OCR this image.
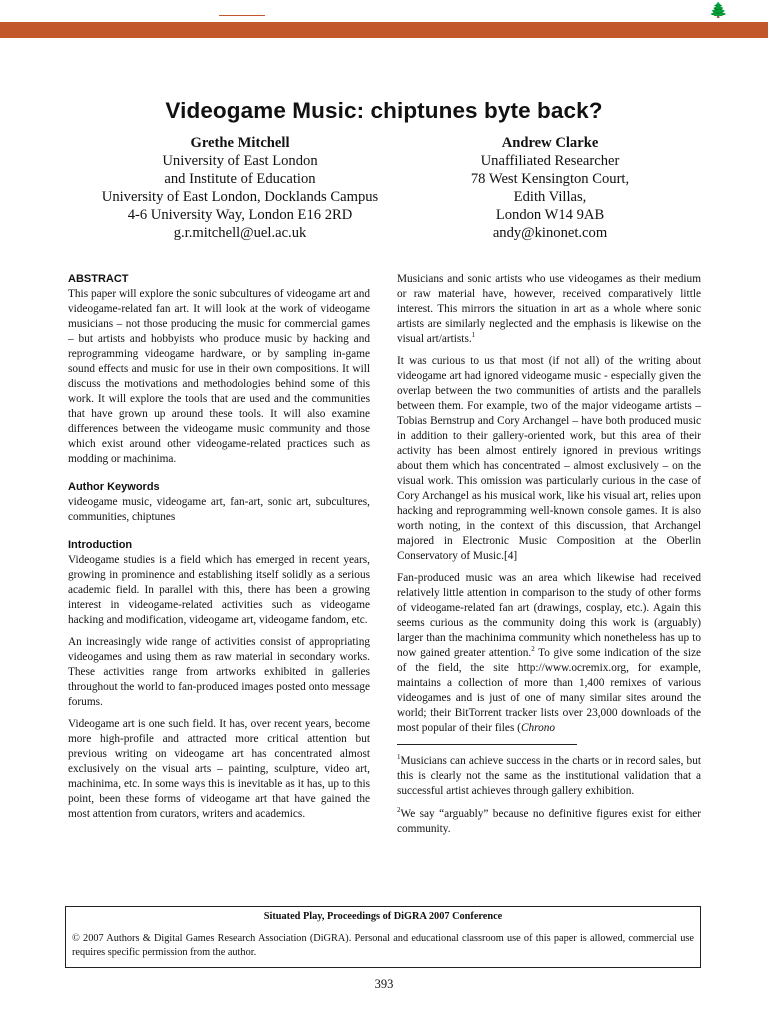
🌲
Videogame Music: chiptunes byte back?
Grethe Mitchell
University of East London
and Institute of Education
University of East London, Docklands Campus
4-6 University Way, London E16 2RD
g.r.mitchell@uel.ac.uk
Andrew Clarke
Unaffiliated Researcher
78 West Kensington Court,
Edith Villas,
London W14 9AB
andy@kinonet.com
ABSTRACT

This paper will explore the sonic subcultures of videogame art and videogame-related fan art. It will look at the work of videogame musicians – not those producing the music for commercial games – but artists and hobbyists who produce music by hacking and reprogramming videogame hardware, or by sampling in-game sound effects and music for use in their own compositions. It will discuss the motivations and methodologies behind some of this work. It will explore the tools that are used and the communities that have grown up around these tools. It will also examine differences between the videogame music community and those which exist around other videogame-related practices such as modding or machinima.

Author Keywords

videogame music, videogame art, fan-art, sonic art, subcultures, communities, chiptunes

Introduction

Videogame studies is a field which has emerged in recent years, growing in prominence and establishing itself solidly as a serious academic field. In parallel with this, there has been a growing interest in videogame-related activities such as videogame hacking and modification, videogame art, videogame fandom, etc.

An increasingly wide range of activities consist of appropriating videogames and using them as raw material in secondary works. These activities range from artworks exhibited in galleries throughout the world to fan-produced images posted onto message forums.

Videogame art is one such field. It has, over recent years, become more high-profile and attracted more critical attention but previous writing on videogame art has concentrated almost exclusively on the visual arts – painting, sculpture, video art, machinima, etc. In some ways this is inevitable as it has, up to this point, been these forms of videogame art that have gained the most attention from curators, writers and academics.

Musicians and sonic artists who use videogames as their medium or raw material have, however, received comparatively little interest. This mirrors the situation in art as a whole where sonic artists are similarly neglected and the emphasis is likewise on the visual art/artists.$^1$

It was curious to us that most (if not all) of the writing about videogame art had ignored videogame music - especially given the overlap between the two communities of artists and the parallels between them. For example, two of the major videogame artists – Tobias Bernstrup and Cory Archangel – have both produced music in addition to their gallery-oriented work, but this area of their activity has been almost entirely ignored in previous writings about them which has concentrated – almost exclusively – on the visual work. This omission was particularly curious in the case of Cory Archangel as his musical work, like his visual art, relies upon hacking and reprogramming well-known console games. It is also worth noting, in the context of this discussion, that Archangel majored in Electronic Music Composition at the Oberlin Conservatory of Music.[4]

Fan-produced music was an area which likewise had received relatively little attention in comparison to the study of other forms of videogame-related fan art (drawings, cosplay, etc.). Again this seems curious as the community doing this work is (arguably) larger than the machinima community which nonetheless has up to now gained greater attention.$^2$ To give some indication of the size of the field, the site http://www.ocremix.org, for example, maintains a collection of more than 1,400 remixes of various videogames and is just of one of many similar sites around the world; their BitTorrent tracker lists over 23,000 downloads of the most popular of their files (Chrono

$^1$Musicians can achieve success in the charts or in record sales, but this is clearly not the same as the institutional validation that a successful artist achieves through gallery exhibition.

$^2$We say “arguably” because no definitive figures exist for either community.

Situated Play, Proceedings of DiGRA 2007 Conference
© 2007 Authors & Digital Games Research Association (DiGRA). Personal and educational classroom use of this paper is allowed, commercial use requires specific permission from the author.
393
